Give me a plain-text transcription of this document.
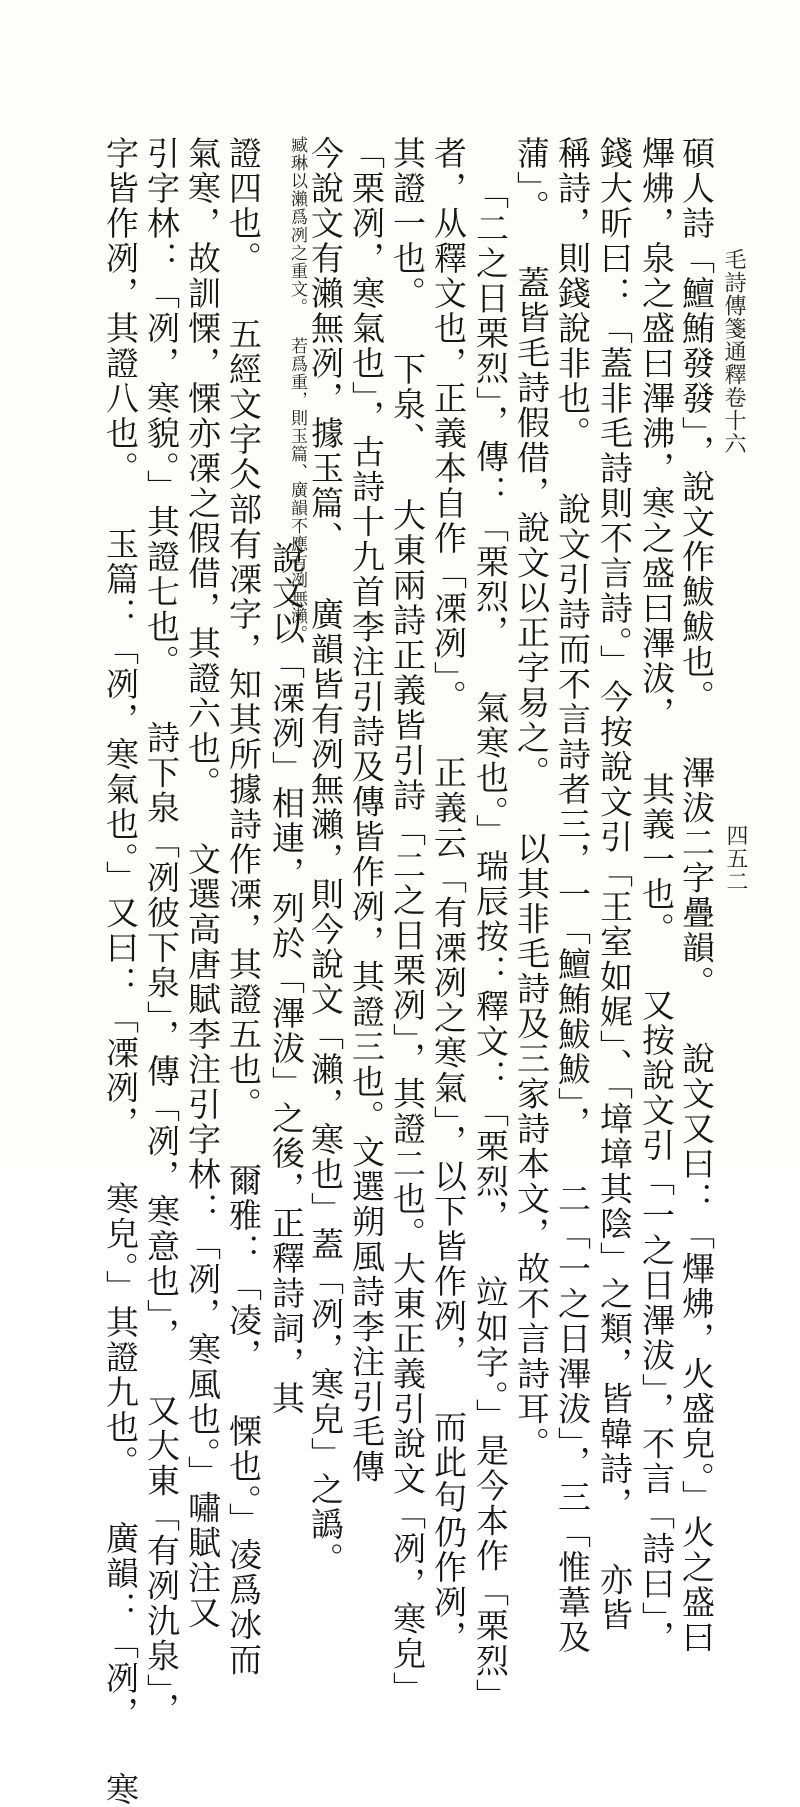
毛詩傳箋通釋卷十六
四五二
碩人詩「鱣鮪發發」，說文作鮁鮁也。 滭沷二字疊韻。 說文又曰：「熚炥，火盛皃。」火之盛曰
熚炥，泉之盛曰滭沸，寒之盛曰滭沷， 其義一也。 又按說文引「一之日滭沷」，不言「詩曰」，
錢大昕曰：「蓋非毛詩則不言詩。」今按說文引「王室如娓」、「墇墇其陰」之類，皆韓詩， 亦皆
稱詩，則錢說非也。 說文引詩而不言詩者三，一「鱣鮪鮁鮁」， 二「一之日滭沷」，三「惟葦及
蒲」。 蓋皆毛詩假借，說文以正字易之。 以其非毛詩及三家詩本文，故不言詩耳。
「二之日栗烈」，傳：「栗烈， 氣寒也。」瑞辰按：釋文：「栗烈， 竝如字。」是今本作「栗烈」
者，从釋文也，正義本自作「凓冽」。 正義云「有凓冽之寒氣」，以下皆作冽， 而此句仍作冽，
其證一也。 下泉、 大東兩詩正義皆引詩「二之日栗冽」，其證二也。大東正義引說文「冽，寒皃」
「栗冽，寒氣也」，古詩十九首李注引詩及傳皆作冽，其證三也。文選朔風詩李注引毛傳
今說文有瀨無冽，據玉篇、 廣韻皆有冽無瀨，則今說文「瀨，寒也」蓋「冽，寒皃」之譌。
臧琳以瀨爲冽之重文。 若爲重，則玉篇、廣韻不應有冽無瀨。
說文以「凓冽」相連，列於「滭沷」之後，正釋詩詞，其
證四也。 五經文字仌部有凓字，知其所據詩作凓，其證五也。 爾雅：「凌， 慄也。」凌爲冰而
氣寒，故訓慄，慄亦凓之假借，其證六也。 文選高唐賦李注引字林：「冽，寒風也。」嘯賦注又
引字林：「冽，寒貌。」其證七也。 詩下泉「冽彼下泉」，傳「冽，寒意也」， 又大東「有冽氿泉」，
字皆作冽，其證八也。 玉篇：「冽，寒氣也。」又曰：「凓冽， 寒皃。」其證九也。 廣韻：「冽， 寒
